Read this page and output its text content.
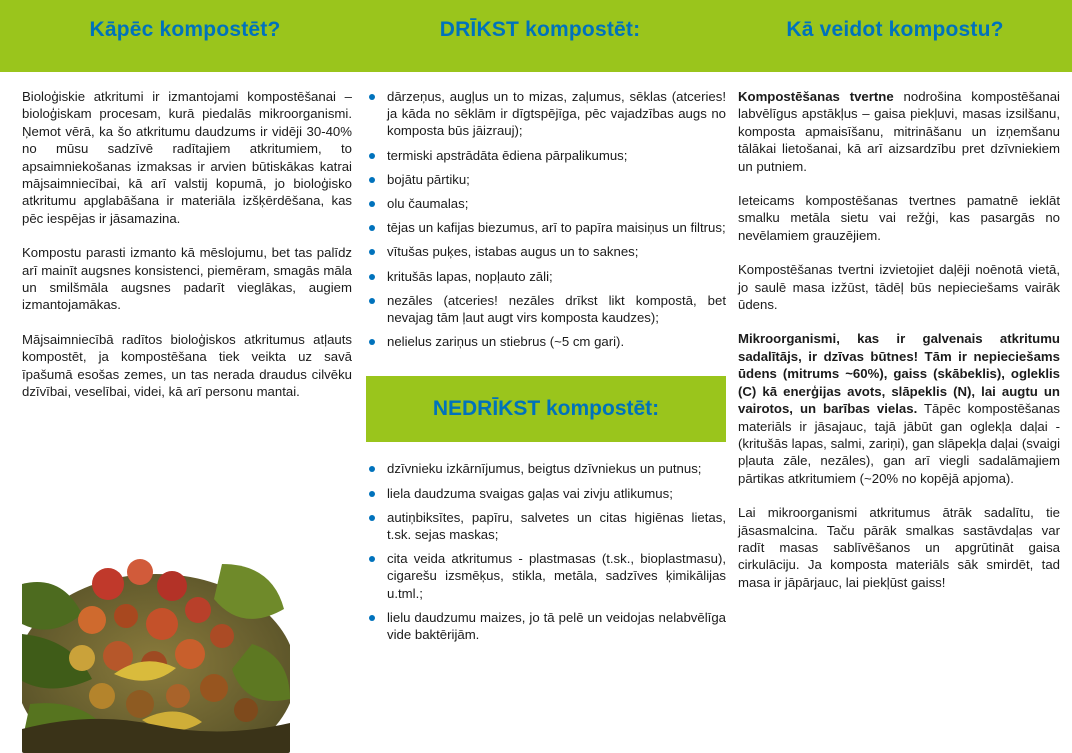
Kāpēc kompostēt?	DRĪKST kompostēt:	Kā veidot kompostu?

Bioloģiskie atkritumi ir izmantojami kompostēšanai – bioloģiskam procesam, kurā piedalās mikroorganismi. Ņemot vērā, ka šo atkritumu daudzums ir vidēji 30-40% no mūsu sadzīvē radītajiem atkritumiem, to apsaimniekošanas izmaksas ir arvien būtiskākas katrai mājsaimniecībai, kā arī valstij kopumā, jo bioloģisko atkritumu apglabāšana ir materiāla izšķērdēšana, kas pēc iespējas ir jāsamazina.

Kompostu parasti izmanto kā mēslojumu, bet tas palīdz arī mainīt augsnes konsistenci, piemēram, smagās māla un smilšmāla augsnes padarīt vieglākas, augiem izmantojamākas.

Mājsaimniecībā radītos bioloģiskos atkritumus atļauts kompostēt, ja kompostēšana tiek veikta uz savā īpašumā esošas zemes, un tas nerada draudus cilvēku dzīvībai, veselībai, videi, kā arī personu mantai.

dārzeņus, augļus un to mizas, zaļumus, sēklas (atceries! ja kāda no sēklām ir dīgtspējīga, pēc vajadzības augs no komposta būs jāizrauj);
termiski apstrādāta ēdiena pārpalikumus;
bojātu pārtiku;
olu čaumalas;
tējas un kafijas biezumus, arī to papīra maisiņus un filtrus;
vītušas puķes, istabas augus un to saknes;
kritušās lapas, nopļauto zāli;
nezāles (atceries! nezāles drīkst likt kompostā, bet nevajag tām ļaut augt virs komposta kaudzes);
nelielus zariņus un stiebrus (~5 cm gari).
NEDRĪKST kompostēt:
dzīvnieku izkārnījumus, beigtus dzīvniekus un putnus;
liela daudzuma svaigas gaļas vai zivju atlikumus;
autiņbiksītes, papīru, salvetes un citas higiēnas lietas, t.sk. sejas maskas;
cita veida atkritumus - plastmasas (t.sk., bioplastmasu), cigarešu izsmēķus, stikla, metāla, sadzīves ķimikālijas u.tml.;
lielu daudzumu maizes, jo tā pelē un veidojas nelabvēlīga vide baktērijām.

Kompostēšanas tvertne nodrošina kompostēšanai labvēlīgus apstākļus – gaisa piekļuvi, masas izsilšanu, komposta apmaisīšanu, mitrināšanu un izņemšanu tālākai lietošanai, kā arī aizsardzību pret dzīvniekiem un putniem.

Ieteicams kompostēšanas tvertnes pamatnē ieklāt smalku metāla sietu vai režģi, kas pasargās no nevēlamiem grauzējiem.

Kompostēšanas tvertni izvietojiet daļēji noēnotā vietā, jo saulē masa izžūst, tādēļ būs nepieciešams vairāk ūdens.

Mikroorganismi, kas ir galvenais atkritumu sadalītājs, ir dzīvas būtnes! Tām ir nepieciešams ūdens (mitrums ~60%), gaiss (skābeklis), ogleklis (C) kā enerģijas avots, slāpeklis (N), lai augtu un vairotos, un barības vielas. Tāpēc kompostēšanas materiāls ir jāsajauc, tajā jābūt gan oglekļa daļai - (kritušās lapas, salmi, zariņi), gan slāpekļa daļai (svaigi pļauta zāle, nezāles), gan arī viegli sadalāmajiem pārtikas atkritumiem (~20% no kopējā apjoma).

Lai mikroorganismi atkritumus ātrāk sadalītu, tie jāsasmalcina. Taču pārāk smalkas sastāvdaļas var radīt masas sablīvēšanos un apgrūtināt gaisa cirkulāciju. Ja komposta materiāls sāk smirdēt, tad masa ir jāpārjauc, lai piekļūst gaiss!
